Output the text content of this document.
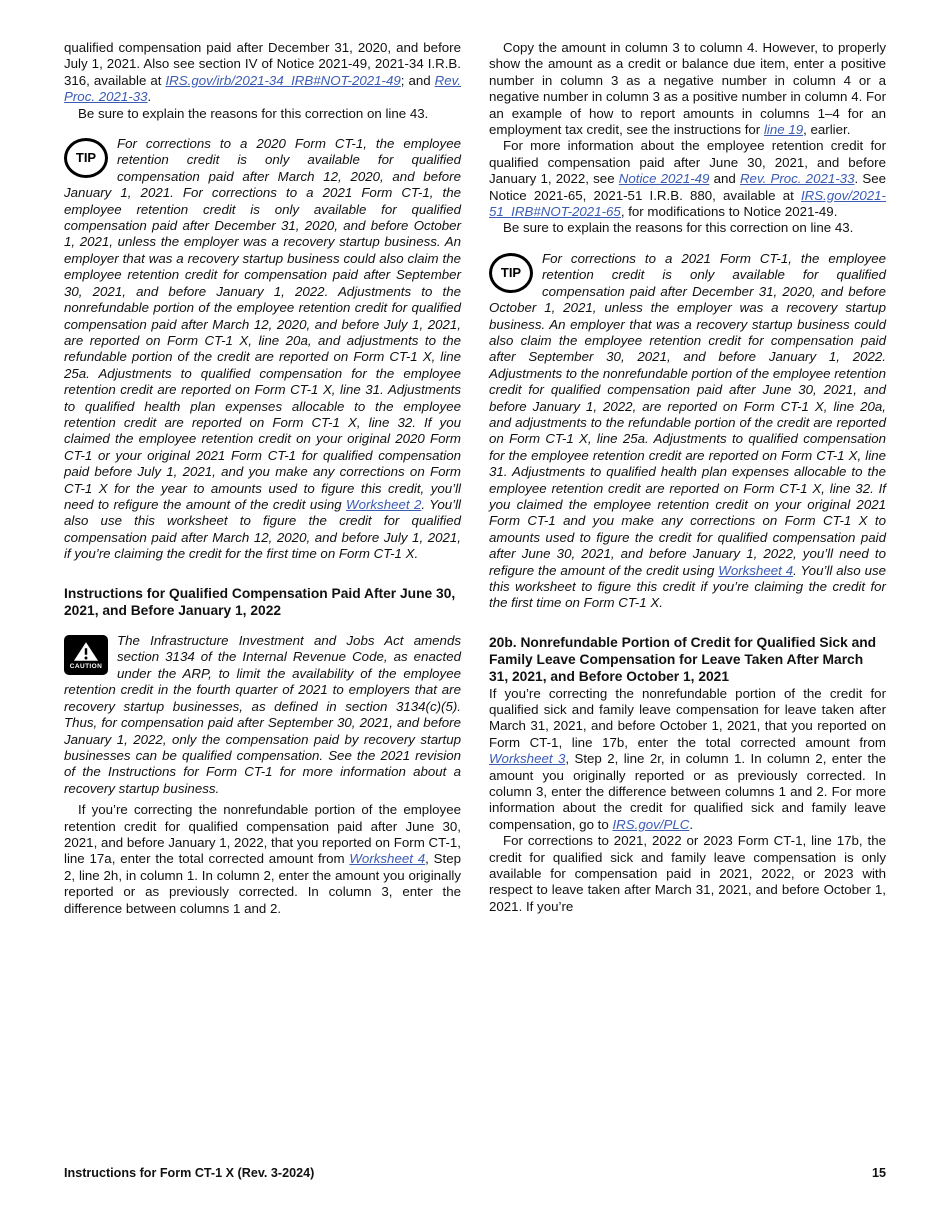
qualified compensation paid after December 31, 2020, and before July 1, 2021. Also see section IV of Notice 2021-49, 2021-34 I.R.B. 316, available at IRS.gov/irb/2021-34_IRB#NOT-2021-49; and Rev. Proc. 2021-33.

Be sure to explain the reasons for this correction on line 43.

TIP
For corrections to a 2020 Form CT-1, the employee retention credit is only available for qualified compensation paid after March 12, 2020, and before January 1, 2021. For corrections to a 2021 Form CT-1, the employee retention credit is only available for qualified compensation paid after December 31, 2020, and before October 1, 2021, unless the employer was a recovery startup business. An employer that was a recovery startup business could also claim the employee retention credit for compensation paid after September 30, 2021, and before January 1, 2022. Adjustments to the nonrefundable portion of the employee retention credit for qualified compensation paid after March 12, 2020, and before July 1, 2021, are reported on Form CT-1 X, line 20a, and adjustments to the refundable portion of the credit are reported on Form CT-1 X, line 25a. Adjustments to qualified compensation for the employee retention credit are reported on Form CT-1 X, line 31. Adjustments to qualified health plan expenses allocable to the employee retention credit are reported on Form CT-1 X, line 32. If you claimed the employee retention credit on your original 2020 Form CT-1 or your original 2021 Form CT-1 for qualified compensation paid before July 1, 2021, and you make any corrections on Form CT-1 X for the year to amounts used to figure this credit, you’ll need to refigure the amount of the credit using Worksheet 2. You’ll also use this worksheet to figure the credit for qualified compensation paid after March 12, 2020, and before July 1, 2021, if you’re claiming the credit for the first time on Form CT-1 X.
Instructions for Qualified Compensation Paid After June 30, 2021, and Before January 1, 2022
CAUTION
The Infrastructure Investment and Jobs Act amends section 3134 of the Internal Revenue Code, as enacted under the ARP, to limit the availability of the employee retention credit in the fourth quarter of 2021 to employers that are recovery startup businesses, as defined in section 3134(c)(5). Thus, for compensation paid after September 30, 2021, and before January 1, 2022, only the compensation paid by recovery startup businesses can be qualified compensation. See the 2021 revision of the Instructions for Form CT-1 for more information about a recovery startup business.

If you’re correcting the nonrefundable portion of the employee retention credit for qualified compensation paid after June 30, 2021, and before January 1, 2022, that you reported on Form CT-1, line 17a, enter the total corrected amount from Worksheet 4, Step 2, line 2h, in column 1. In column 2, enter the amount you originally reported or as previously corrected. In column 3, enter the difference between columns 1 and 2.

Copy the amount in column 3 to column 4. However, to properly show the amount as a credit or balance due item, enter a positive number in column 3 as a negative number in column 4 or a negative number in column 3 as a positive number in column 4. For an example of how to report amounts in columns 1–4 for an employment tax credit, see the instructions for line 19, earlier.

For more information about the employee retention credit for qualified compensation paid after June 30, 2021, and before January 1, 2022, see Notice 2021-49 and Rev. Proc. 2021-33. See Notice 2021-65, 2021-51 I.R.B. 880, available at IRS.gov/2021-51_IRB#NOT-2021-65, for modifications to Notice 2021-49.

Be sure to explain the reasons for this correction on line 43.

TIP
For corrections to a 2021 Form CT-1, the employee retention credit is only available for qualified compensation paid after December 31, 2020, and before October 1, 2021, unless the employer was a recovery startup business. An employer that was a recovery startup business could also claim the employee retention credit for compensation paid after September 30, 2021, and before January 1, 2022. Adjustments to the nonrefundable portion of the employee retention credit for qualified compensation paid after June 30, 2021, and before January 1, 2022, are reported on Form CT-1 X, line 20a, and adjustments to the refundable portion of the credit are reported on Form CT-1 X, line 25a. Adjustments to qualified compensation for the employee retention credit are reported on Form CT-1 X, line 31. Adjustments to qualified health plan expenses allocable to the employee retention credit are reported on Form CT-1 X, line 32. If you claimed the employee retention credit on your original 2021 Form CT-1 and you make any corrections on Form CT-1 X to amounts used to figure the credit for qualified compensation paid after June 30, 2021, and before January 1, 2022, you’ll need to refigure the amount of the credit using Worksheet 4. You’ll also use this worksheet to figure this credit if you’re claiming the credit for the first time on Form CT-1 X.
20b. Nonrefundable Portion of Credit for Qualified Sick and Family Leave Compensation for Leave Taken After March 31, 2021, and Before October 1, 2021

If you’re correcting the nonrefundable portion of the credit for qualified sick and family leave compensation for leave taken after March 31, 2021, and before October 1, 2021, that you reported on Form CT-1, line 17b, enter the total corrected amount from Worksheet 3, Step 2, line 2r, in column 1. In column 2, enter the amount you originally reported or as previously corrected. In column 3, enter the difference between columns 1 and 2. For more information about the credit for qualified sick and family leave compensation, go to IRS.gov/PLC.

For corrections to 2021, 2022 or 2023 Form CT-1, line 17b, the credit for qualified sick and family leave compensation is only available for compensation paid in 2021, 2022, or 2023 with respect to leave taken after March 31, 2021, and before October 1, 2021. If you’re

Instructions for Form CT-1 X (Rev. 3-2024)	15
